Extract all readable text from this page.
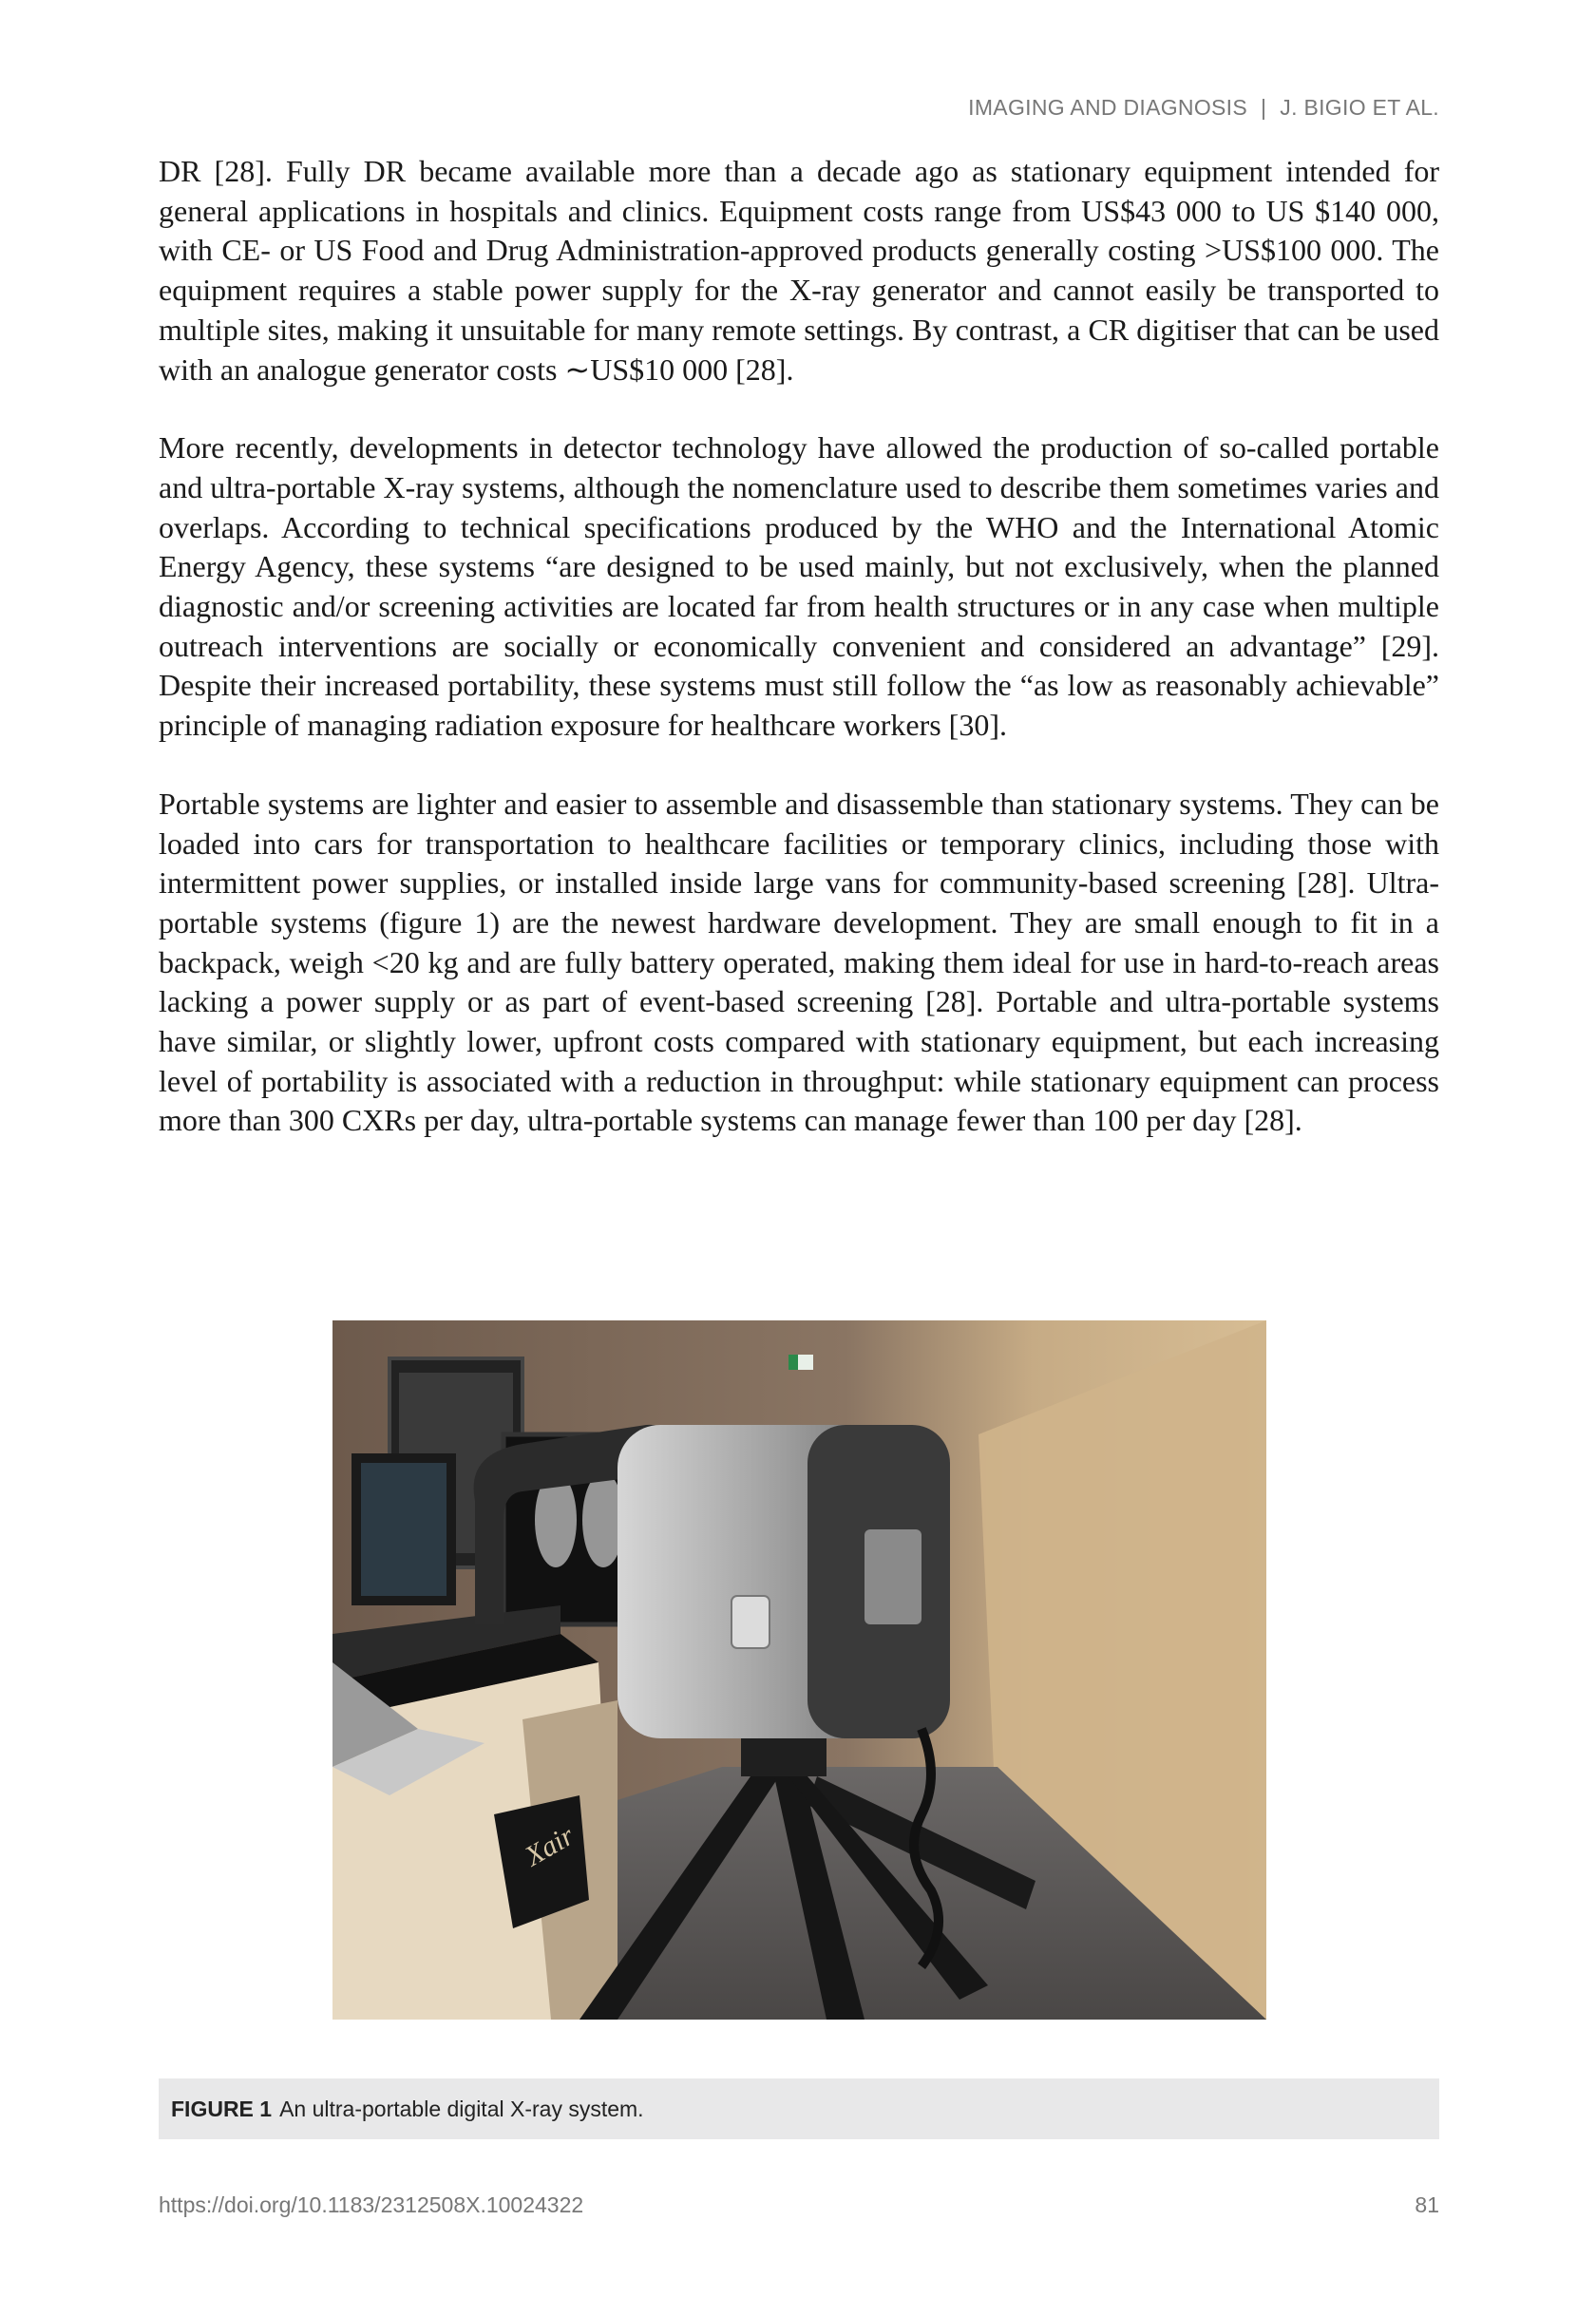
IMAGING AND DIAGNOSIS | J. BIGIO ET AL.

DR [28]. Fully DR became available more than a decade ago as stationary equipment intended for general applications in hospitals and clinics. Equipment costs range from US$43 000 to US $140 000, with CE- or US Food and Drug Administration-approved products generally costing >US$100 000. The equipment requires a stable power supply for the X-ray generator and cannot easily be transported to multiple sites, making it unsuitable for many remote settings. By contrast, a CR digitiser that can be used with an analogue generator costs ∼US$10 000 [28].

More recently, developments in detector technology have allowed the production of so-called portable and ultra-portable X-ray systems, although the nomenclature used to describe them sometimes varies and overlaps. According to technical specifications produced by the WHO and the International Atomic Energy Agency, these systems “are designed to be used mainly, but not exclusively, when the planned diagnostic and/or screening activities are located far from health structures or in any case when multiple outreach interventions are socially or economically convenient and considered an advantage” [29]. Despite their increased portability, these systems must still follow the “as low as reasonably achievable” principle of managing radiation exposure for healthcare workers [30].

Portable systems are lighter and easier to assemble and disassemble than stationary systems. They can be loaded into cars for transportation to healthcare facilities or temporary clinics, including those with intermittent power supplies, or installed inside large vans for community-based screening [28]. Ultra-portable systems (figure 1) are the newest hardware development. They are small enough to fit in a backpack, weigh <20 kg and are fully battery operated, making them ideal for use in hard-to-reach areas lacking a power supply or as part of event-based screening [28]. Portable and ultra-portable systems have similar, or slightly lower, upfront costs compared with stationary equipment, but each increasing level of portability is associated with a reduction in throughput: while stationary equipment can process more than 300 CXRs per day, ultra-portable systems can manage fewer than 100 per day [28].

Xair
FIGURE 1 An ultra-portable digital X-ray system.
https://doi.org/10.1183/2312508X.10024322	81
